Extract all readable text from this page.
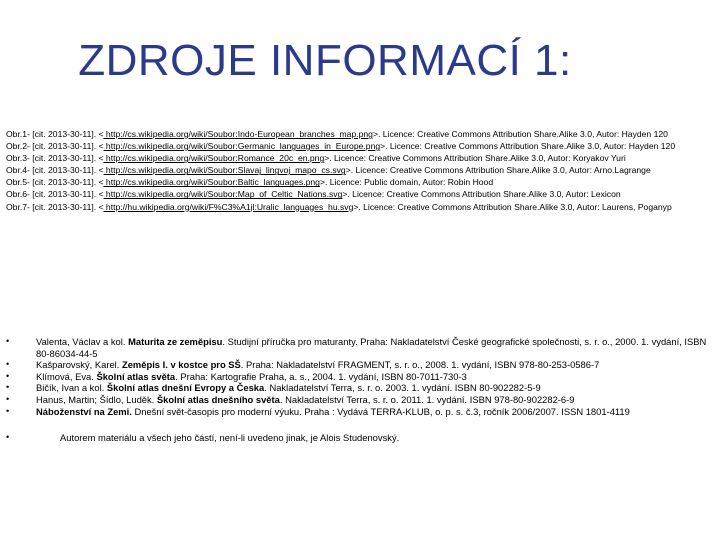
ZDROJE INFORMACÍ 1:
Obr.1- [cit. 2013-30-11]. < http://cs.wikipedia.org/wiki/Soubor:Indo-European_branches_map.png>. Licence: Creative Commons Attribution Share.Alike 3.0, Autor: Hayden 120
Obr.2- [cit. 2013-30-11]. < http://cs.wikipedia.org/wiki/Soubor:Germanic_languages_in_Europe.png>. Licence: Creative Commons Attribution Share.Alike 3.0, Autor: Hayden 120
Obr.3- [cit. 2013-30-11]. < http://cs.wikipedia.org/wiki/Soubor:Romance_20c_en.png>. Licence: Creative Commons Attribution Share.Alike 3.0, Autor: Koryakov Yuri
Obr.4- [cit. 2013-30-11]. < http://cs.wikipedia.org/wiki/Soubor:Slavaj_lingvoj_mapo_cs.svg>. Licence: Creative Commons Attribution Share.Alike 3.0, Autor: Arno.Lagrange
Obr.5- [cit. 2013-30-11]. < http://cs.wikipedia.org/wiki/Soubor:Baltic_languages.png>. Licence: Public domain, Autor: Robin Hood
Obr.6- [cit. 2013-30-11]. < http://cs.wikipedia.org/wiki/Soubor:Map_of_Celtic_Nations.svg>. Licence: Creative Commons Attribution Share.Alike 3.0, Autor: Lexicon
Obr.7- [cit. 2013-30-11]. < http://hu.wikipedia.org/wiki/F%C3%A1jl:Uralic_languages_hu.svg>. Licence: Creative Commons Attribution Share.Alike 3.0, Autor: Laurens, Poganyp
•	Valenta, Václav a kol. Maturita ze zeměpisu. Studijní příručka pro maturanty. Praha: Nakladatelství České geografické společnosti, s. r. o., 2000. 1. vydání, ISBN 80-86034-44-5
•	Kašparovský, Karel. Zeměpis I. v kostce pro SŠ. Praha: Nakladatelství FRAGMENT, s. r. o., 2008. 1. vydání, ISBN 978-80-253-0586-7
•	Klímová, Eva. Školní atlas světa. Praha: Kartografie Praha, a. s., 2004. 1. vydání, ISBN 80-7011-730-3
•	Bičík, Ivan a kol. Školní atlas dnešní Evropy a Česka. Nakladatelství Terra, s. r. o. 2003. 1. vydání. ISBN 80-902282-5-9
•	Hanus, Martin; Šídlo, Luděk. Školní atlas dnešního světa. Nakladatelství Terra, s. r. o. 2011. 1. vydání. ISBN 978-80-902282-6-9
•	Náboženství na Zemi. Dnešní svět-časopis pro moderní výuku. Praha : Vydává TERRA-KLUB, o. p. s. č.3, ročník 2006/2007. ISSN 1801-4119
•	Autorem materiálu a všech jeho částí, není-li uvedeno jinak, je Alois Studenovský.
